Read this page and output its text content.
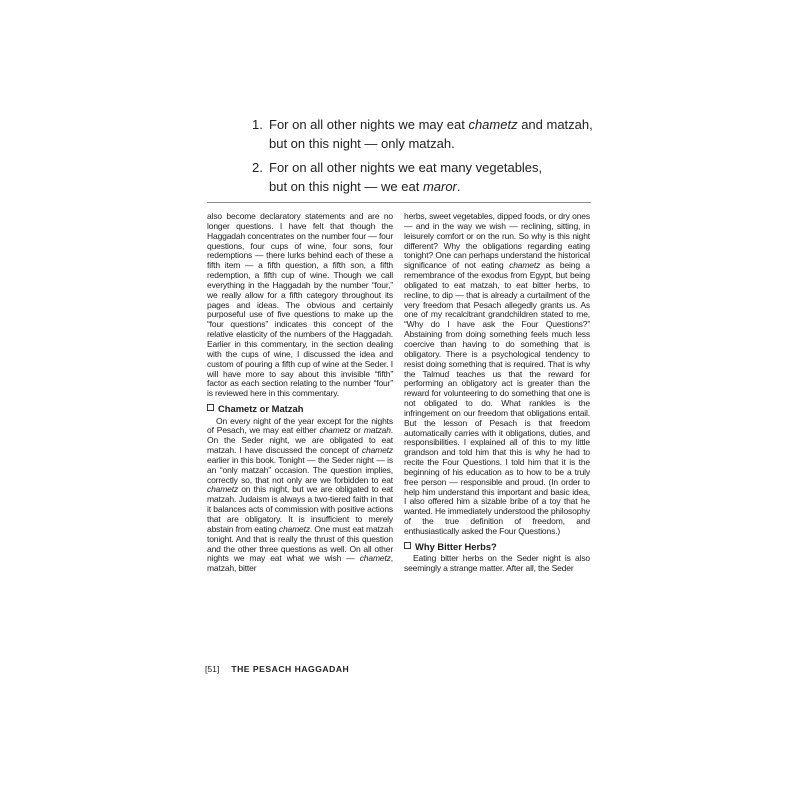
1. For on all other nights we may eat chametz and matzah,
but on this night — only matzah.
2. For on all other nights we eat many vegetables,
but on this night — we eat maror.

also become declaratory statements and are no longer questions. I have felt that though the Haggadah concentrates on the number four — four questions, four cups of wine, four sons, four redemptions — there lurks behind each of these a fifth item — a fifth question, a fifth son, a fifth redemption, a fifth cup of wine. Though we call everything in the Haggadah by the number “four,” we really allow for a fifth category throughout its pages and ideas. The obvious and certainly purposeful use of five questions to make up the “four questions” indicates this concept of the relative elasticity of the numbers of the Haggadah. Earlier in this commentary, in the section dealing with the cups of wine, I discussed the idea and custom of pouring a fifth cup of wine at the Seder. I will have more to say about this invisible “fifth” factor as each section relating to the number “four” is reviewed here in this commentary.

Chametz or Matzah

On every night of the year except for the nights of Pesach, we may eat either chametz or matzah. On the Seder night, we are obligated to eat matzah. I have discussed the concept of chametz earlier in this book. Tonight — the Seder night — is an “only matzah” occasion. The question implies, correctly so, that not only are we forbidden to eat chametz on this night, but we are obligated to eat matzah. Judaism is always a two-tiered faith in that it balances acts of commission with positive actions that are obligatory. It is insufficient to merely abstain from eating chametz. One must eat matzah tonight. And that is really the thrust of this question and the other three questions as well. On all other nights we may eat what we wish — chametz, matzah, bitter

herbs, sweet vegetables, dipped foods, or dry ones — and in the way we wish — reclining, sitting, in leisurely comfort or on the run. So why is this night different? Why the obligations regarding eating tonight? One can perhaps understand the historical significance of not eating chametz as being a remembrance of the exodus from Egypt, but being obligated to eat matzah, to eat bitter herbs, to recline, to dip — that is already a curtailment of the very freedom that Pesach allegedly grants us. As one of my recalcitrant grandchildren stated to me, “Why do I have ask the Four Questions?” Abstaining from doing something feels much less coercive than having to do something that is obligatory. There is a psychological tendency to resist doing something that is required. That is why the Talmud teaches us that the reward for performing an obligatory act is greater than the reward for volunteering to do something that one is not obligated to do. What rankles is the infringement on our freedom that obligations entail. But the lesson of Pesach is that freedom automatically carries with it obligations, duties, and responsibilities. I explained all of this to my little grandson and told him that this is why he had to recite the Four Questions. I told him that it is the beginning of his education as to how to be a truly free person — responsible and proud. (In order to help him understand this important and basic idea, I also offered him a sizable bribe of a toy that he wanted. He immediately understood the philosophy of the true definition of freedom, and enthusiastically asked the Four Questions.)

Why Bitter Herbs?

Eating bitter herbs on the Seder night is also seemingly a strange matter. After all, the Seder

[51] THE PESACH HAGGADAH
